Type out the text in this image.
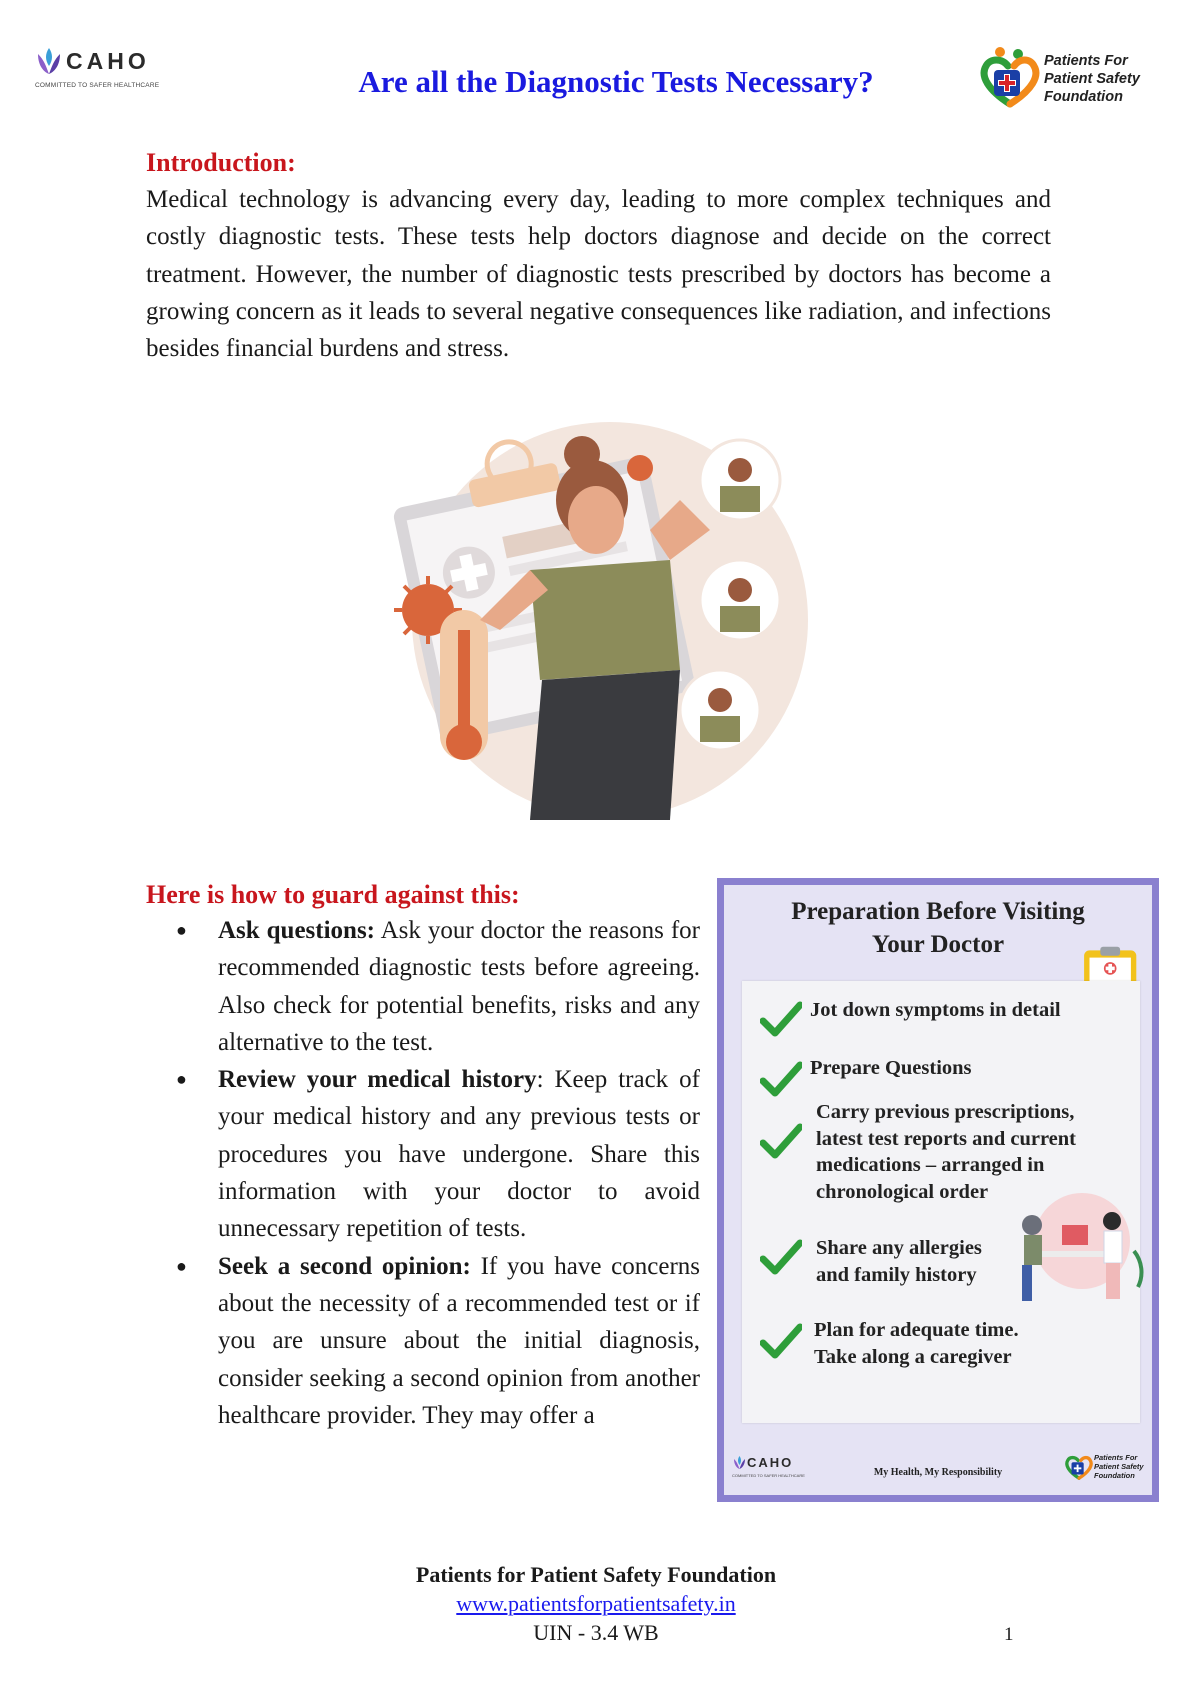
CAHO
COMMITTED TO SAFER HEALTHCARE	Are all the Diagnostic Tests Necessary?
Patients For
Patient Safety
Foundation
Introduction:
Medical technology is advancing every day, leading to more complex techniques and costly diagnostic tests. These tests help doctors diagnose and decide on the correct treatment. However, the number of diagnostic tests prescribed by doctors has become a growing concern as it leads to several negative consequences like radiation, and infections besides financial burdens and stress.
Here is how to guard against this:
● Ask questions: Ask your doctor the reasons for recommended diagnostic tests before agreeing. Also check for potential benefits, risks and any alternative to the test.
● Review your medical history: Keep track of your medical history and any previous tests or procedures you have undergone. Share this information with your doctor to avoid unnecessary repetition of tests.
● Seek a second opinion: If you have concerns about the necessity of a recommended test or if you are unsure about the initial diagnosis, consider seeking a second opinion from another healthcare provider. They may offer a
Preparation Before Visiting
Your Doctor
Jot down symptoms in detail
Prepare Questions
Carry previous prescriptions,
latest test reports and current
medications – arranged in
chronological order
Share any allergies
and family history
Plan for adequate time.
Take along a caregiver
CAHO
COMMITTED TO SAFER HEALTHCARE	My Health, My Responsibility
Patients For
Patient Safety
Foundation
Patients for Patient Safety Foundation
www.patientsforpatientsafety.in
UIN - 3.4 WB	1
